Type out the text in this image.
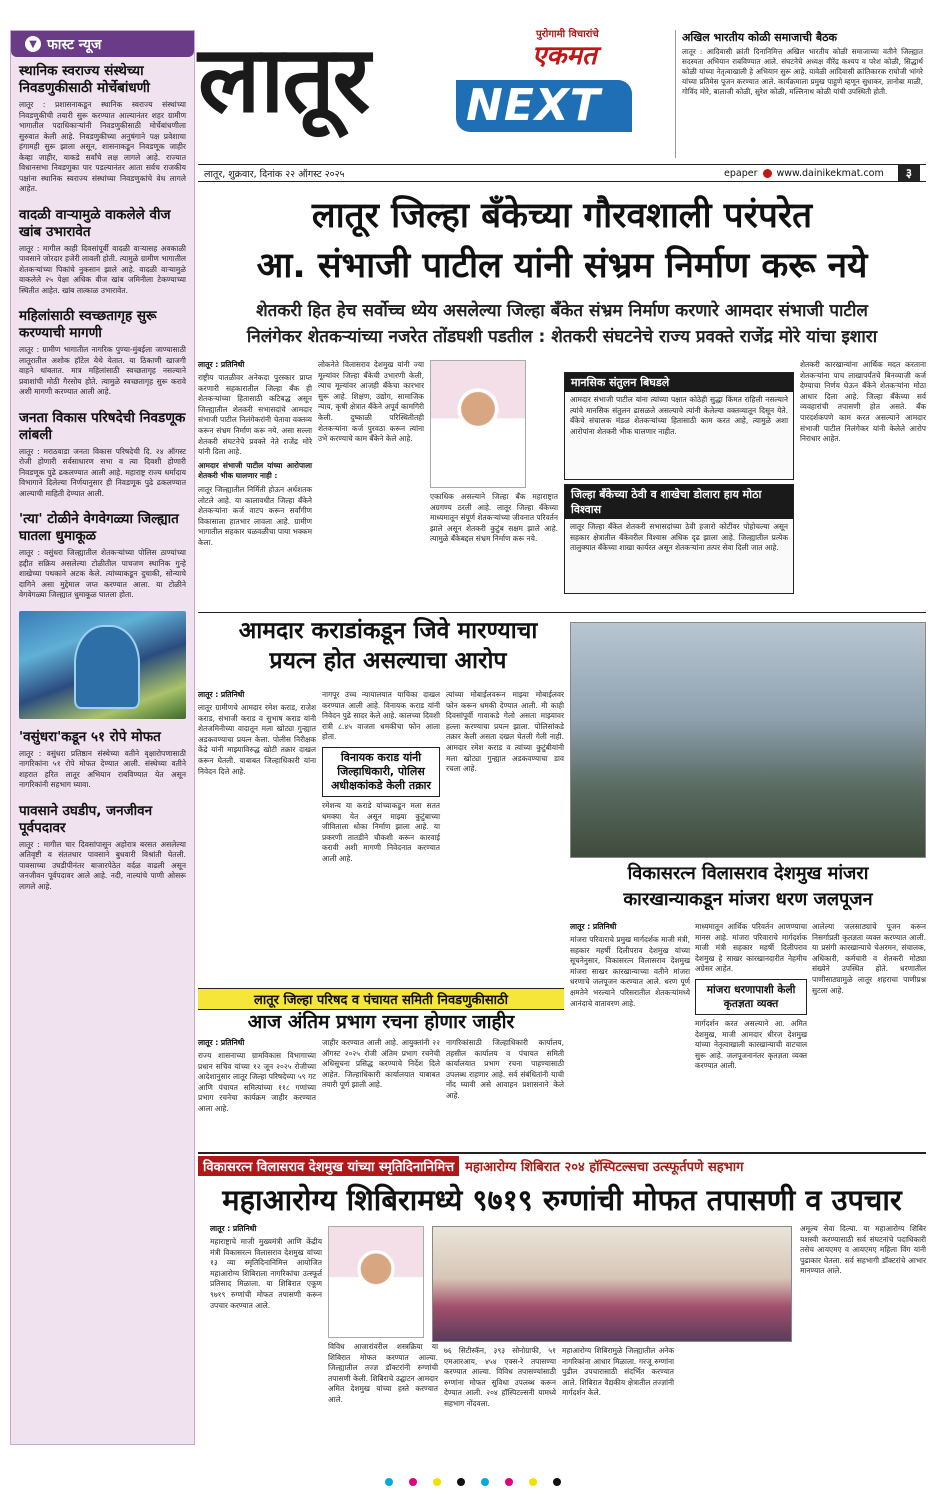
▼ फास्ट न्यूज
स्थानिक स्वराज्य संस्थेच्या निवडणुकीसाठी मोर्चेबांधणी

लातूर : प्रशासनाकडून स्थानिक स्वराज्य संस्थांच्या निवडणुकीची तयारी सुरू करण्यात आल्यानंतर शहर ग्रामीण भागातील पदाधिकाऱ्यांनी निवडणुकीसाठी मोर्चेबांधणीला सुरुवात केली आहे. निवडणुकीच्या अनुषंगाने पक्ष प्रवेशाचा हंगामही सुरू झाला असून, शासनाकडून निवडणूक जाहीर केव्हा जाहीर, याकडे सर्वांचे लक्ष लागले आहे. राज्यात विधानसभा निवडणुका पार पडल्यानंतर आता सर्वच राजकीय पक्षांना स्थानिक स्वराज्य संस्थांच्या निवडणुकांचे वेध लागले आहेत.

वादळी वाऱ्यामुळे वाकलेले वीज खांब उभारावेत

लातूर : मागील काही दिवसांपूर्वी वादळी वाऱ्यासह अवकाळी पावसाने जोरदार हजेरी लावली होती. त्यामुळे ग्रामीण भागातील शेतकऱ्यांच्या पिकांचे नुकसान झाले आहे. वादळी वाऱ्यामुळे वाकलेले २५ पेक्षा अधिक वीज खांब जमिनीला टेकण्याच्या स्थितीत आहेत. खांब तात्काळ उभारावेत.

महिलांसाठी स्वच्छतागृह सुरू करण्याची मागणी

लातूर : ग्रामीण भागातील नागरिक पुण्या-मुंबईला जाण्यासाठी लातूरातील अशोक हॉटेल येथे येतात. या ठिकाणी खाजगी वाहने थांबतात. मात्र महिलांसाठी स्वच्छतागृह नसल्याने प्रवाशांची मोठी गैरसोय होते. त्यामुळे स्वच्छतागृह सुरू करावे अशी मागणी करण्यात आली आहे.

जनता विकास परिषदेची निवडणूक लांबली

लातूर : मराठवाडा जनता विकास परिषदेची दि. २४ ऑगस्ट रोजी होणारी सर्वसाधारण सभा व त्या दिवशी होणारी निवडणूक पुढे ढकलण्यात आली आहे. महाराष्ट्र राज्य धर्मादाय विभागाने दिलेल्या निर्णयानुसार ही निवडणूक पुढे ढकलण्यात आल्याची माहिती देण्यात आली.

'त्या' टोळीने वेगवेगळ्या जिल्ह्यात घातला धुमाकूळ

लातूर : वसुंधरा जिल्ह्यातील शेतकऱ्यांच्या पोलिस ठाण्यांच्या हद्दीत सक्रिय असलेल्या टोळीतील पाचजण स्थानिक गुन्हे शाखेच्या पथकाने अटक केले. त्यांच्याकडून दुचाकी, सोन्याचे दागिने असा मुद्देमाल जप्त करण्यात आला. या टोळीने वेगवेगळ्या जिल्ह्यात धुमाकूळ घातला होता.

'वसुंधरा'कडून ५१ रोपे मोफत

लातूर : वसुंधरा प्रतिष्ठान संस्थेच्या वतीने वृक्षारोपणासाठी नागरिकांना ५१ रोपे मोफत देण्यात आली. संस्थेच्या वतीने शहरात हरित लातूर अभियान राबविण्यात येत असून नागरिकांनी सहभाग घ्यावा.

पावसाने उघडीप, जनजीवन पूर्वपदावर

लातूर : मागील चार दिवसांपासून अहोरात्र बरसत असलेल्या अतिवृष्टी व संततधार पावसाने बुधवारी विश्रांती घेतली. पावसाच्या उघडीपीनंतर बाजारपेठेत वर्दळ वाढली असून जनजीवन पूर्वपदावर आले आहे. नदी, नाल्यांचे पाणी ओसरू लागले आहे.

लातूर	पुरोगामी विचारांचे
एकमत
NEXT
अखिल भारतीय कोळी समाजाची बैठक

लातूर : आदिवासी क्रांती दिनानिमित्त अखिल भारतीय कोळी समाजाच्या वतीने जिल्ह्यात सदस्यता अभियान राबविण्यात आले. संघटनेचे अध्यक्ष वीरेंद्र कश्यप व परेश कोळी, सिद्धार्थ कोळी यांच्या नेतृत्वाखाली हे अभियान सुरू आहे. यावेळी आदिवासी क्रांतिकारक राघोजी भांगरे यांच्या प्रतिमेस पूजन करण्यात आले. कार्यक्रमाला प्रमुख पाहुणे म्हणून सुधाकर, ज्ञानोबा माळी, गोविंद मोरे, बालाजी कोळी, सुरेश कोळी, मल्लिनाथ कोळी यांची उपस्थिती होती.

लातूर, शुक्रवार, दिनांक २२ ऑगस्ट २०२५	epaper www.dainikekmat.com	३
लातूर जिल्हा बँकेच्या गौरवशाली परंपरेत
आ. संभाजी पाटील यांनी संभ्रम निर्माण करू नये
शेतकरी हित हेच सर्वोच्च ध्येय असलेल्या जिल्हा बँकेत संभ्रम निर्माण करणारे आमदार संभाजी पाटील
निलंगेकर शेतकऱ्यांच्या नजरेत तोंडघशी पडतील : शेतकरी संघटनेचे राज्य प्रवक्ते राजेंद्र मोरे यांचा इशारा
लातूर : प्रतिनिधी

राष्ट्रीय पातळीवर अनेकदा पुरस्कार प्राप्त करणारी सहकारातील जिल्हा बँक ही शेतकऱ्यांच्या हितासाठी कटिबद्ध असून जिल्ह्यातील शेतकरी सभासदांचे आमदार संभाजी पाटील निलंगेकरांनी चेतावा वक्तव्य करून संभ्रम निर्माण करू नये. असा सल्ला शेतकरी संघटनेचे प्रवक्ते नेते राजेंद्र मोरे यांनी दिला आहे.

आमदार संभाजी पाटील यांच्या आरोपाला शेतकरी भीक घालणार नाही :

लातूर जिल्ह्यातील निर्मिती होऊन अर्धशतक लोटले आहे. या कालावधीत जिल्हा बँकेने शेतकऱ्यांना कर्ज वाटप करून सर्वांगीण विकासाला हातभार लावला आहे. ग्रामीण भागातील सहकार चळवळीचा पाया भक्कम केला.

लोकनेते विलासराव देशमुख यांनी ज्या मूल्यांवर जिल्हा बँकेची उभारणी केली, त्याच मूल्यांवर आजही बँकेचा कारभार सुरू आहे. शिक्षण, उद्योग, सामाजिक न्याय, कृषी क्षेत्रात बँकेने अपूर्व कामगिरी केली. दुष्काळी परिस्थितीतही शेतकऱ्यांना कर्ज पुरवठा करून त्यांना उभे करण्याचे काम बँकेने केले आहे.

एकाधिक असल्याने जिल्हा बँक महाराष्ट्रात अग्रगण्य ठरली आहे. लातूर जिल्हा बँकेच्या माध्यमातून संपूर्ण शेतकऱ्यांच्या जीवनात परिवर्तन झाले असून शेतकरी कुटुंब सक्षम झाले आहे. त्यामुळे बँकेबद्दल संभ्रम निर्माण करू नये.

मानसिक संतुलन बिघडले

आमदार संभाजी पाटील यांना त्यांच्या पक्षात कोठेही सुद्धा किंमत राहिली नसल्याने त्यांचे मानसिक संतुलन ढासळले असल्याचे त्यांनी केलेल्या वक्तव्यातून दिसून येते. बँकेचे संचालक मंडळ शेतकऱ्यांच्या हितासाठी काम करत आहे, त्यामुळे अशा आरोपांना शेतकरी भीक घालणार नाहीत.

जिल्हा बँकेच्या ठेवी व शाखेचा डोलारा हाय मोठा विश्वास

लातूर जिल्हा बँकेत शेतकरी सभासदांच्या ठेवी हजारो कोटींवर पोहोचल्या असून सहकार क्षेत्रातील बँकेवरील विश्वास अधिक दृढ झाला आहे. जिल्ह्यातील प्रत्येक तालुक्यात बँकेच्या शाखा कार्यरत असून शेतकऱ्यांना तत्पर सेवा दिली जात आहे.

शेतकरी कारखान्यांना आर्थिक मदत करताना शेतकऱ्यांना पाच लाखापर्यंतचे बिनव्याजी कर्ज देण्याचा निर्णय घेऊन बँकेने शेतकऱ्यांना मोठा आधार दिला आहे. जिल्हा बँकेच्या सर्व व्यवहारांची तपासणी होत असते. बँक पारदर्शकपणे काम करत असल्याने आमदार संभाजी पाटील निलंगेकर यांनी केलेले आरोप निराधार आहेत.

आमदार कराडांकडून जिवे मारण्याचा
प्रयत्न होत असल्याचा आरोप
लातूर : प्रतिनिधी

लातूर ग्रामीणचे आमदार रमेश कराड, राजेश कराड, संभाजी कराड व सुभाष कराड यांनी शेतजमिनीच्या वादातून मला खोट्या गुन्ह्यात अडकवण्याचा प्रयत्न केला. पोलीस निरीक्षक केंद्रे यांनी माझ्याविरुद्ध खोटी तक्रार दाखल करून घेतली. याबाबत जिल्हाधिकारी यांना निवेदन दिले आहे.

नागपूर उच्च न्यायालयात याचिका दाखल करण्यात आली आहे. विनायक कराड यांनी निवेदन पुढे सादर केले आहे. कालच्या दिवशी रात्री ८.४५ वाजता धमकीचा फोन आला होता.

विनायक कराड यांनी जिल्हाधिकारी, पोलिस अधीक्षकांकडे केली तक्रार

रमेशन्य या कराडे यांच्याकडून मला सतत धमक्या येत असून माझ्या कुटुंबाच्या जीविताला धोका निर्माण झाला आहे. या प्रकरणी तातडीने चौकशी करून कारवाई करावी अशी मागणी निवेदनात करण्यात आली आहे.

त्यांच्या मोबाईलवरून माझ्या मोबाईलवर फोन करून धमकी देण्यात आली. मी काही दिवसांपूर्वी गावाकडे गेलो असता माझ्यावर हल्ला करण्याचा प्रयत्न झाला. पोलिसांकडे तक्रार केली असता दखल घेतली गेली नाही. आमदार रमेश कराड व त्यांच्या कुटुंबीयांनी मला खोट्या गुन्ह्यात अडकवण्याचा डाव रचला आहे.

विकासरत्न विलासराव देशमुख मांजरा
कारखान्याकडून मांजरा धरण जलपूजन
लातूर : प्रतिनिधी

मांजरा परिवाराचे प्रमुख मार्गदर्शक माजी मंत्री, सहकार महर्षी दिलीपराव देशमुख यांच्या सूचनेनुसार, विकासरत्न विलासराव देशमुख मांजरा साखर कारखान्याच्या वतीने मांजरा धरणाचे जलपूजन करण्यात आले. धरण पूर्ण क्षमतेने भरल्याने परिसरातील शेतकऱ्यांमध्ये आनंदाचे वातावरण आहे.

माध्यमातून आर्थिक परिवर्तन आणण्याचा मानस आहे. मांजरा परिवाराचे मार्गदर्शक माजी मंत्री सहकार महर्षी दिलीपराव देशमुख हे साखर कारखानदारीत नेहमीच अग्रेसर आहेत.

मांजरा धरणापाशी केली कृतज्ञता व्यक्त

मार्गदर्शन करत असल्याने आ. अमित देशमुख, माजी आमदार धीरज देशमुख यांच्या नेतृत्वाखाली कारखान्याची वाटचाल सुरू आहे. जलपूजनानंतर कृतज्ञता व्यक्त करण्यात आली.

आलेल्या जलसाठ्याचे पूजन करून निसर्गाप्रती कृतज्ञता व्यक्त करण्यात आली. या प्रसंगी कारखान्याचे चेअरमन, संचालक, अधिकारी, कर्मचारी व शेतकरी मोठ्या संख्येने उपस्थित होते. धरणातील पाणीसाठ्यामुळे लातूर शहराचा पाणीप्रश्न सुटला आहे.

लातूर जिल्हा परिषद व पंचायत समिती निवडणुकीसाठी
आज अंतिम प्रभाग रचना होणार जाहीर
लातूर : प्रतिनिधी

राज्य शासनाच्या ग्रामविकास विभागाच्या प्रधान सचिव यांच्या १२ जून २०२५ रोजीच्या आदेशानुसार लातूर जिल्हा परिषदेच्या ५९ गट आणि पंचायत समित्यांच्या ११८ गणांच्या प्रभाग रचनेचा कार्यक्रम जाहीर करण्यात आला आहे.

जाहीर करण्यात आली आहे. आयुक्तांनी २२ ऑगस्ट २०२५ रोजी अंतिम प्रभाग रचनेची अधिसूचना प्रसिद्ध करण्याचे निर्देश दिले आहेत. जिल्हाधिकारी कार्यालयात याबाबत तयारी पूर्ण झाली आहे.

नागरिकांसाठी जिल्हाधिकारी कार्यालय, तहसील कार्यालय व पंचायत समिती कार्यालयात प्रभाग रचना पाहण्यासाठी उपलब्ध राहणार आहे. सर्व संबंधितांनी याची नोंद घ्यावी असे आवाहन प्रशासनाने केले आहे.

विकासरत्न विलासराव देशमुख यांच्या स्मृतिदिनानिमित्त महाआरोग्य शिबिरात २०४ हॉस्पिटल्सचा उत्स्फूर्तपणे सहभाग
महाआरोग्य शिबिरामध्ये ९७१९ रुग्णांची मोफत तपासणी व उपचार
लातूर : प्रतिनिधी

महाराष्ट्राचे माजी मुख्यमंत्री आणि केंद्रीय मंत्री विकासरत्न विलासराव देशमुख यांच्या १३ व्या स्मृतिदिनानिमित्त आयोजित महाआरोग्य शिबिराला नागरिकांचा उत्स्फूर्त प्रतिसाद मिळाला. या शिबिरात एकूण ९७१९ रुग्णांची मोफत तपासणी करून उपचार करण्यात आले.

विविध आजारांवरील शस्त्रक्रिया या शिबिरात मोफत करण्यात आल्या. जिल्ह्यातील तज्ज्ञ डॉक्टरांनी रुग्णांची तपासणी केली. शिबिराचे उद्घाटन आमदार अमित देशमुख यांच्या हस्ते करण्यात आले.

७६ सिटीस्कॅन, ३९३ सोनोग्राफी, ५१ एमआरआय, ४५४ एक्स-रे तपासण्या करण्यात आल्या. विविध तपासण्यांसाठी रुग्णांना मोफत सुविधा उपलब्ध करून देण्यात आली. २०४ हॉस्पिटल्सनी यामध्ये सहभाग नोंदवला.

महाआरोग्य शिबिरामुळे जिल्ह्यातील अनेक नागरिकांना आधार मिळाला. गरजू रुग्णांना पुढील उपचारासाठी संदर्भित करण्यात आले. शिबिरात वैद्यकीय क्षेत्रातील तज्ज्ञांनी मार्गदर्शन केले.

अमूल्य सेवा दिल्या. या महाआरोग्य शिबिर यशस्वी करण्यासाठी सर्व संघटनांचे पदाधिकारी तसेच आयएमए व आयएमए महिला विंग यांनी पुढाकार घेतला. सर्व सहभागी डॉक्टरांचे आभार मानण्यात आले.
